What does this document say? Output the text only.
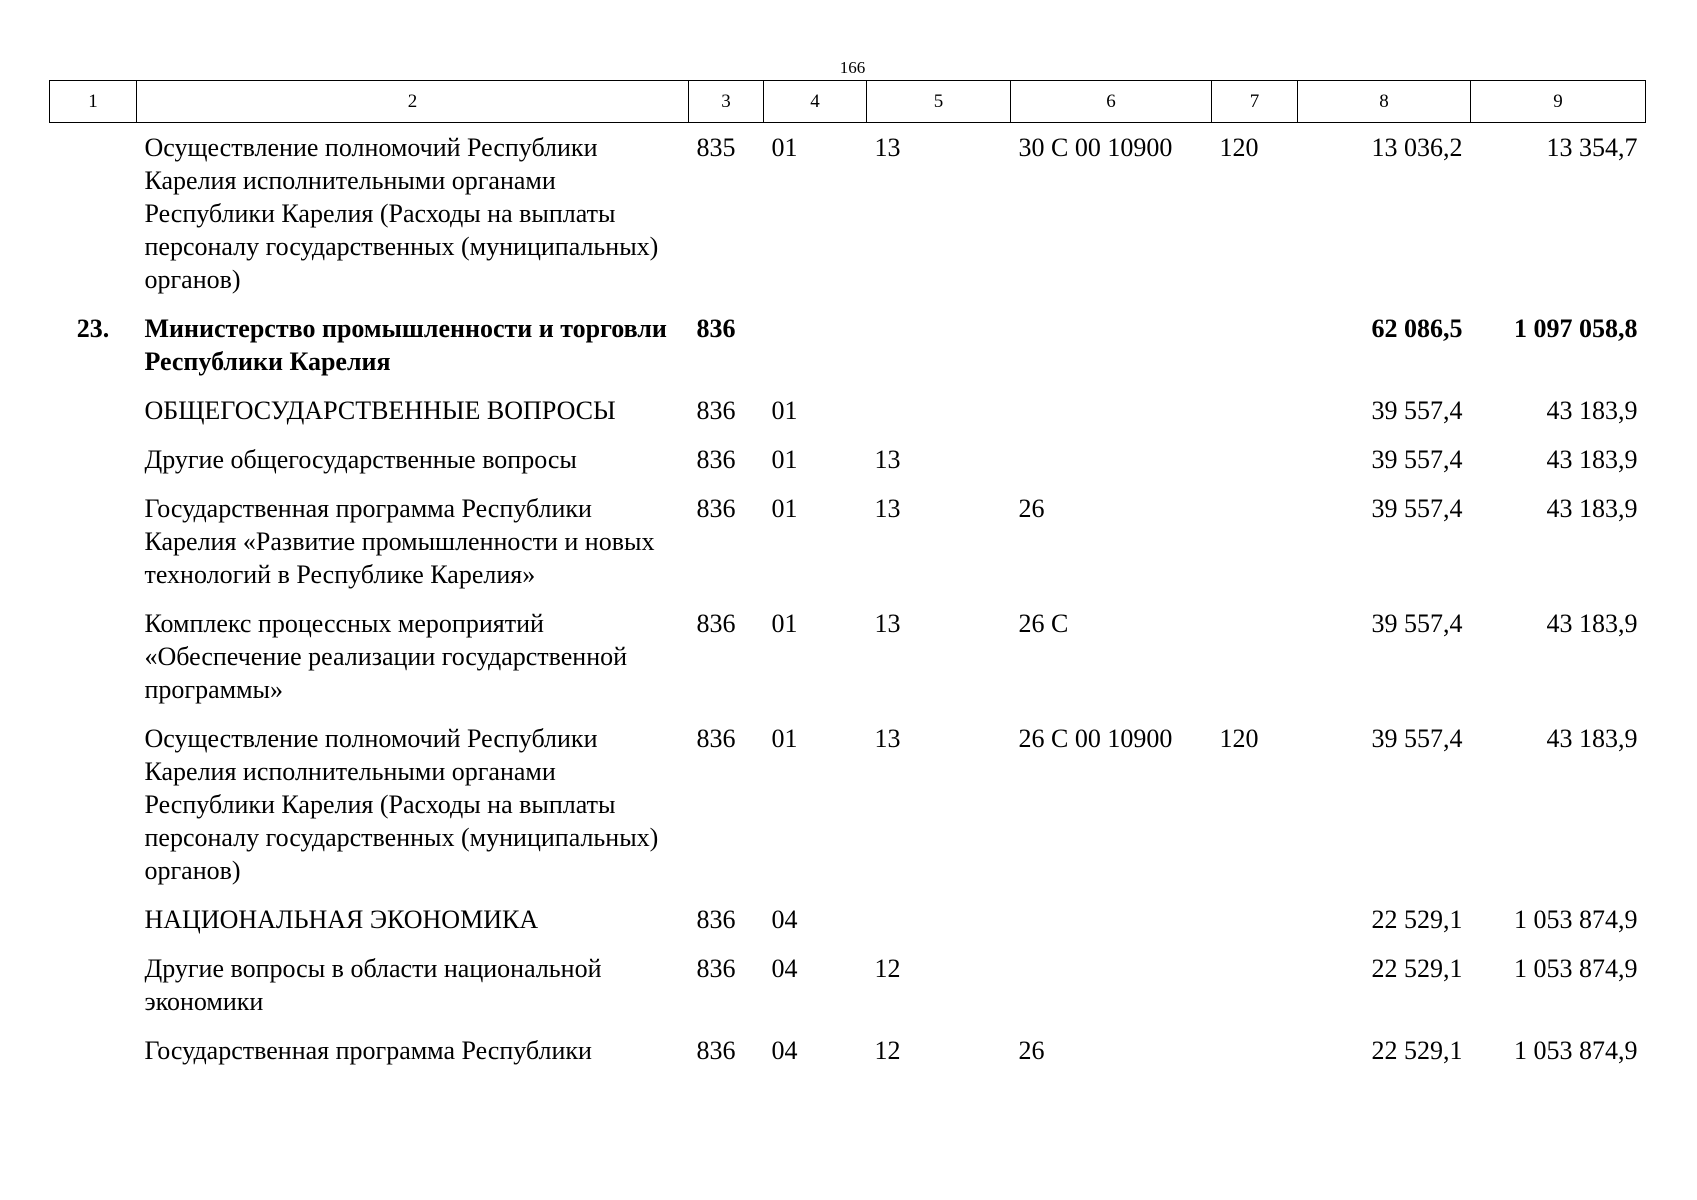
166
1	2	3	4	5	6	7	8	9
	Осуществление полномочий Республики Карелия исполнительными органами Республики Карелия (Расходы на выплаты персоналу государственных (муниципальных) органов)	835	01	13	30 С 00 10900	120	13 036,2	13 354,7
23.	Министерство промышленности и торговли Республики Карелия	836					62 086,5	1 097 058,8
	ОБЩЕГОСУДАРСТВЕННЫЕ ВОПРОСЫ	836	01				39 557,4	43 183,9
	Другие общегосударственные вопросы	836	01	13			39 557,4	43 183,9
	Государственная программа Республики Карелия «Развитие промышленности и новых технологий в Республике Карелия»	836	01	13	26		39 557,4	43 183,9
	Комплекс процессных мероприятий «Обеспечение реализации государственной программы»	836	01	13	26 С		39 557,4	43 183,9
	Осуществление полномочий Республики Карелия исполнительными органами Республики Карелия (Расходы на выплаты персоналу государственных (муниципальных) органов)	836	01	13	26 С 00 10900	120	39 557,4	43 183,9
	НАЦИОНАЛЬНАЯ ЭКОНОМИКА	836	04				22 529,1	1 053 874,9
	Другие вопросы в области национальной экономики	836	04	12			22 529,1	1 053 874,9
	Государственная программа Республики	836	04	12	26		22 529,1	1 053 874,9
